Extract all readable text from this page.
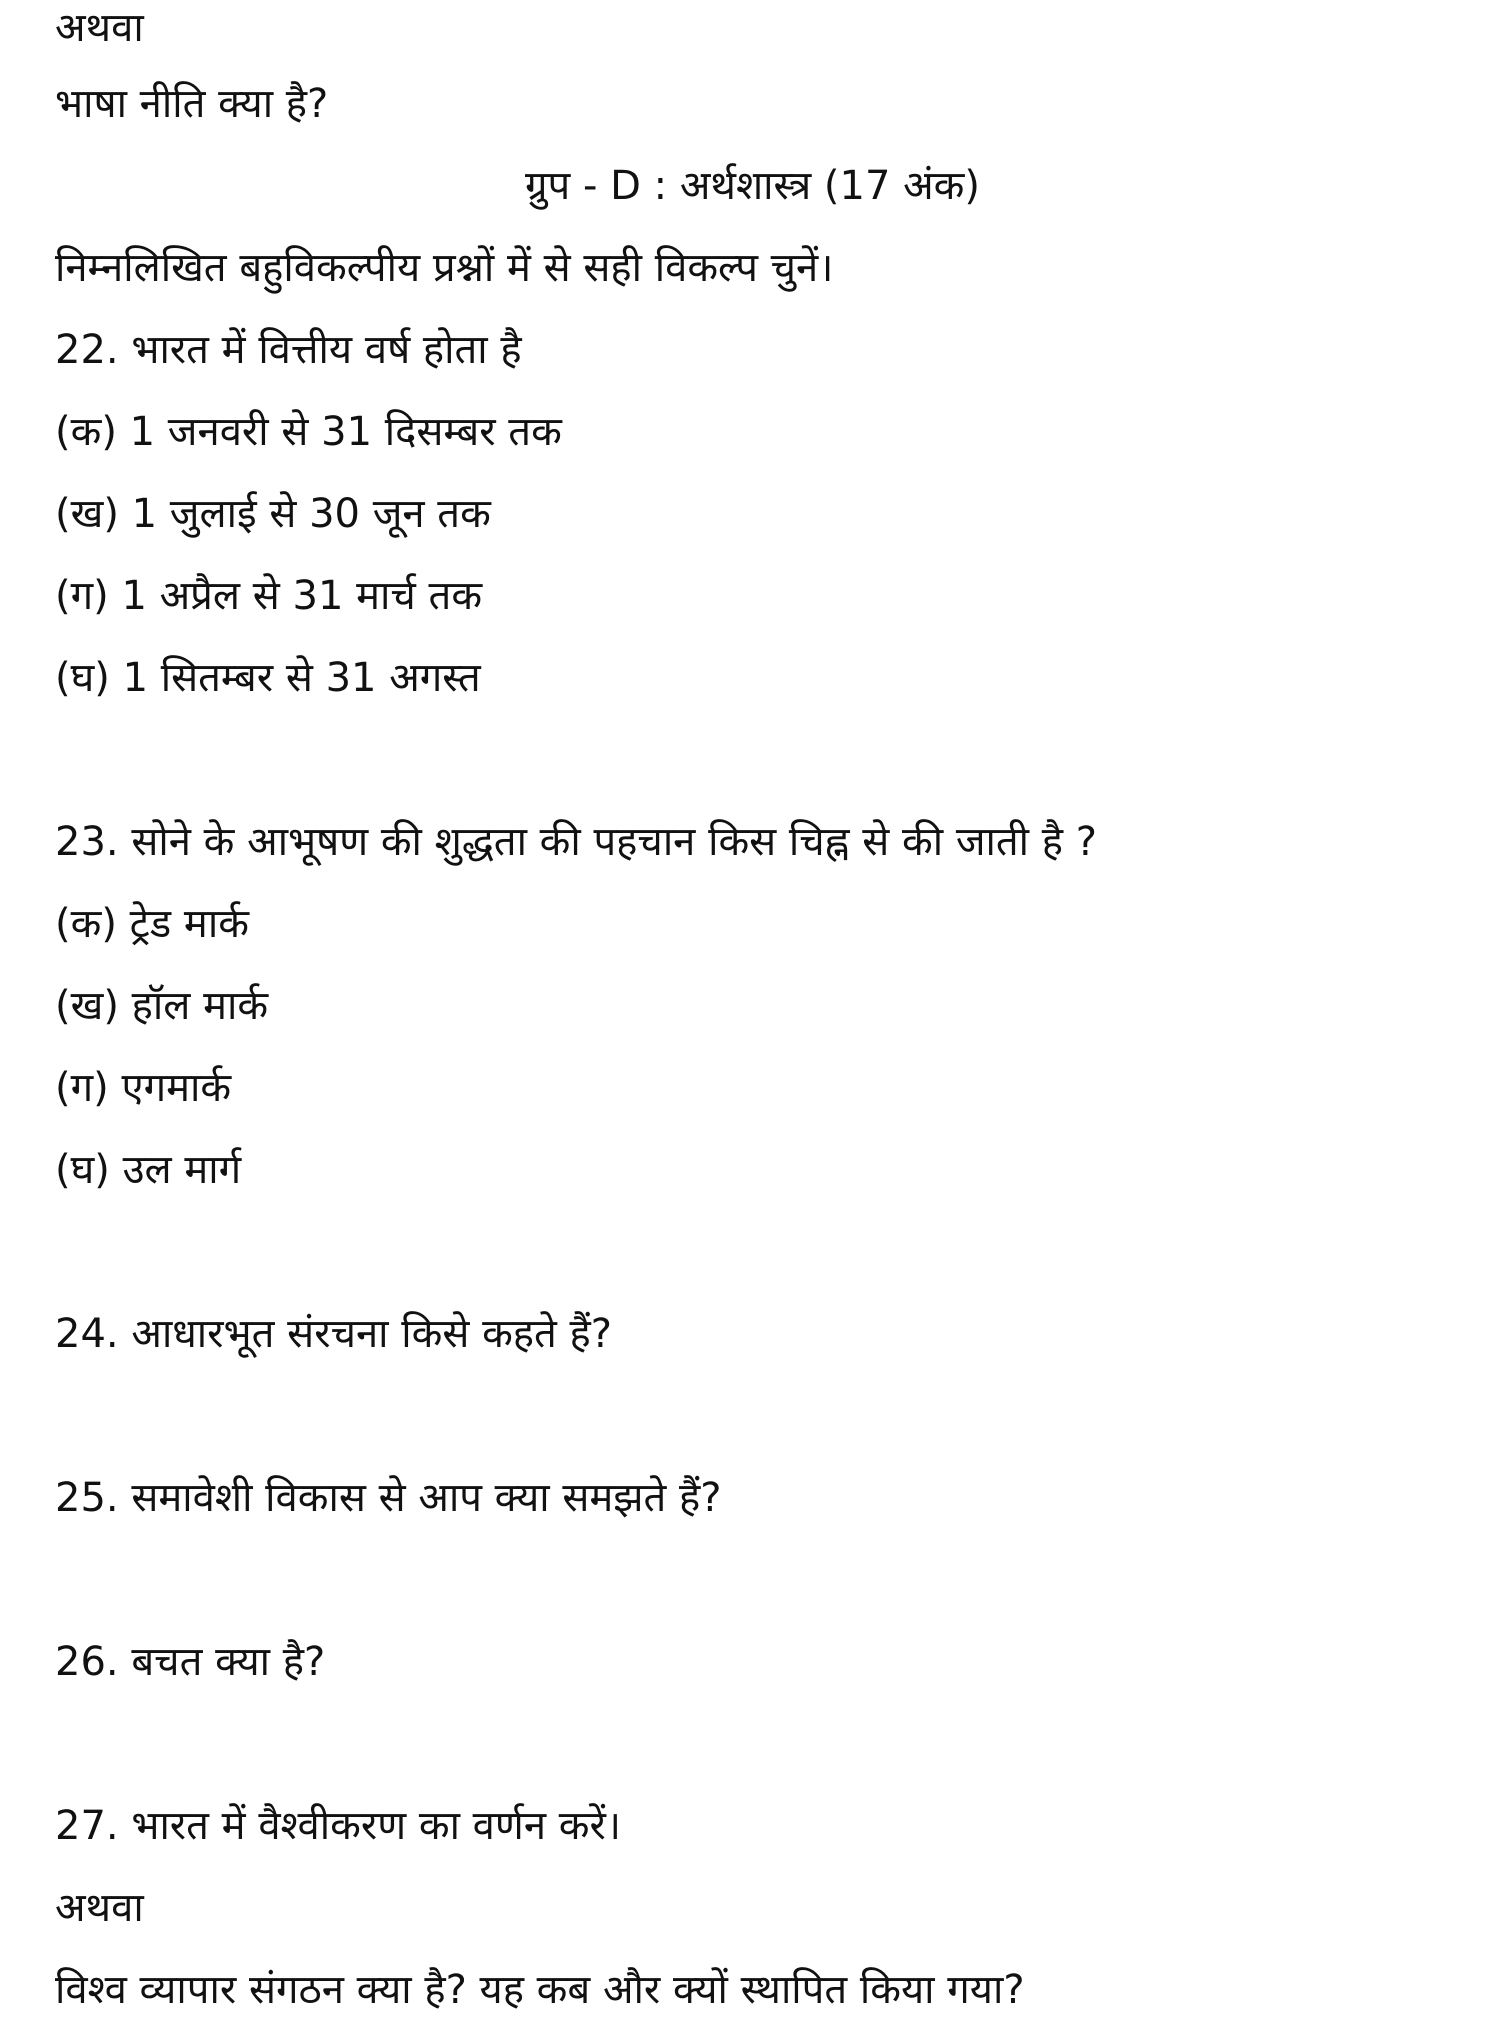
अथवा
भाषा नीति क्या है?
ग्रुप - D : अर्थशास्त्र (17 अंक)
निम्नलिखित बहुविकल्पीय प्रश्नों में से सही विकल्प चुनें।
22. भारत में वित्तीय वर्ष होता है
(क) 1 जनवरी से 31 दिसम्बर तक
(ख) 1 जुलाई से 30 जून तक
(ग) 1 अप्रैल से 31 मार्च तक
(घ) 1 सितम्बर से 31 अगस्त
23. सोने के आभूषण की शुद्धता की पहचान किस चिह्न से की जाती है ?
(क) ट्रेड मार्क
(ख) हॉल मार्क
(ग) एगमार्क
(घ) उल मार्ग
24. आधारभूत संरचना किसे कहते हैं?
25. समावेशी विकास से आप क्या समझते हैं?
26. बचत क्या है?
27. भारत में वैश्वीकरण का वर्णन करें।
अथवा
विश्व व्यापार संगठन क्या है? यह कब और क्यों स्थापित किया गया?
